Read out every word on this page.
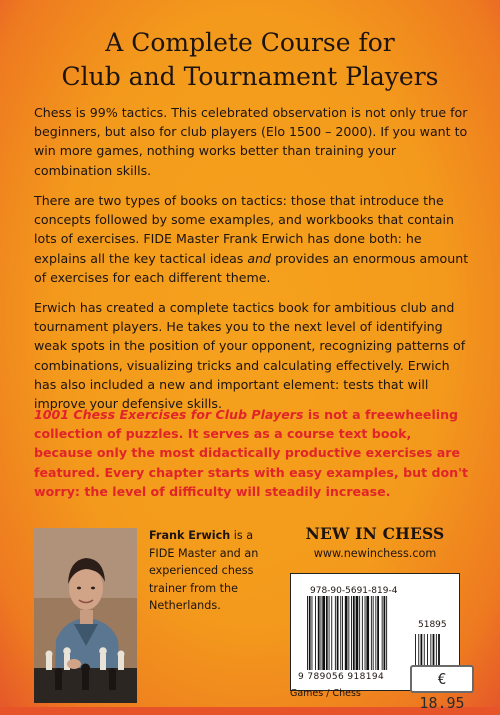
A Complete Course for
Club and Tournament Players
Chess is 99% tactics. This celebrated observation is not only true for beginners, but also for club players (Elo 1500 – 2000). If you want to win more games, nothing works better than training your combination skills.
There are two types of books on tactics: those that introduce the concepts followed by some examples, and workbooks that contain lots of exercises. FIDE Master Frank Erwich has done both: he explains all the key tactical ideas and provides an enormous amount of exercises for each different theme.
Erwich has created a complete tactics book for ambitious club and tournament players. He takes you to the next level of identifying weak spots in the position of your opponent, recognizing patterns of combinations, visualizing tricks and calculating effectively. Erwich has also included a new and important element: tests that will improve your defensive skills.
1001 Chess Exercises for Club Players is not a freewheeling collection of puzzles. It serves as a course text book, because only the most didactically productive exercises are featured. Every chapter starts with easy examples, but don't worry: the level of difficulty will steadily increase.
Frank Erwich is a FIDE Master and an experienced chess trainer from the Netherlands.
NEW IN CHESS
www.newinchess.com
978-90-5691-819-4
51895
9 789056 918194	€ 18.95
Games / Chess
